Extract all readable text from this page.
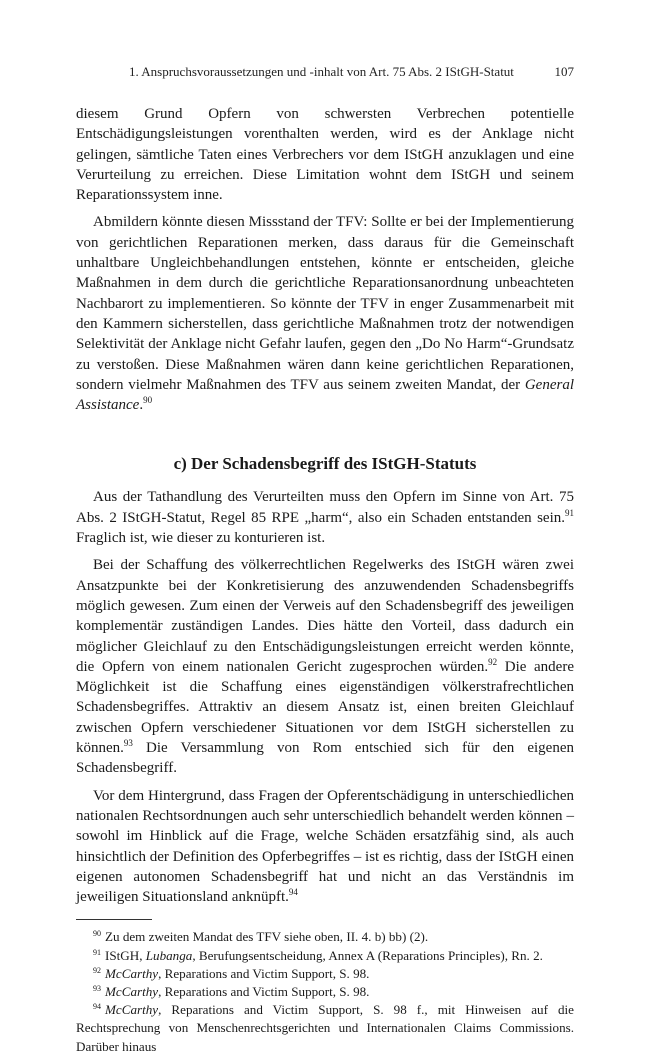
1. Anspruchsvoraussetzungen und -inhalt von Art. 75 Abs. 2 IStGH-Statut	107

diesem Grund Opfern von schwersten Verbrechen potentielle Entschädigungsleistungen vorenthalten werden, wird es der Anklage nicht gelingen, sämtliche Taten eines Verbrechers vor dem IStGH anzuklagen und eine Verurteilung zu erreichen. Diese Limitation wohnt dem IStGH und seinem Reparationssystem inne.

Abmildern könnte diesen Missstand der TFV: Sollte er bei der Implementierung von gerichtlichen Reparationen merken, dass daraus für die Gemeinschaft unhaltbare Ungleichbehandlungen entstehen, könnte er entscheiden, gleiche Maßnahmen in dem durch die gerichtliche Reparationsanordnung unbeachteten Nachbarort zu implementieren. So könnte der TFV in enger Zusammenarbeit mit den Kammern sicherstellen, dass gerichtliche Maßnahmen trotz der notwendigen Selektivität der Anklage nicht Gefahr laufen, gegen den „Do No Harm“-Grundsatz zu verstoßen. Diese Maßnahmen wären dann keine gerichtlichen Reparationen, sondern vielmehr Maßnahmen des TFV aus seinem zweiten Mandat, der General Assistance.$^{90}$

c) Der Schadensbegriff des IStGH-Statuts

Aus der Tathandlung des Verurteilten muss den Opfern im Sinne von Art. 75 Abs. 2 IStGH-Statut, Regel 85 RPE „harm“, also ein Schaden entstanden sein.$^{91}$ Fraglich ist, wie dieser zu konturieren ist.

Bei der Schaffung des völkerrechtlichen Regelwerks des IStGH wären zwei Ansatzpunkte bei der Konkretisierung des anzuwendenden Schadensbegriffs möglich gewesen. Zum einen der Verweis auf den Schadensbegriff des jeweiligen komplementär zuständigen Landes. Dies hätte den Vorteil, dass dadurch ein möglicher Gleichlauf zu den Entschädigungsleistungen erreicht werden könnte, die Opfern von einem nationalen Gericht zugesprochen würden.$^{92}$ Die andere Möglichkeit ist die Schaffung eines eigenständigen völkerstrafrechtlichen Schadensbegriffes. Attraktiv an diesem Ansatz ist, einen breiten Gleichlauf zwischen Opfern verschiedener Situationen vor dem IStGH sicherstellen zu können.$^{93}$ Die Versammlung von Rom entschied sich für den eigenen Schadensbegriff.

Vor dem Hintergrund, dass Fragen der Opferentschädigung in unterschiedlichen nationalen Rechtsordnungen auch sehr unterschiedlich behandelt werden können – sowohl im Hinblick auf die Frage, welche Schäden ersatzfähig sind, als auch hinsichtlich der Definition des Opferbegriffes – ist es richtig, dass der IStGH einen eigenen autonomen Schadensbegriff hat und nicht an das Verständnis im jeweiligen Situationsland anknüpft.$^{94}$

$^{90}$ Zu dem zweiten Mandat des TFV siehe oben, II. 4. b) bb) (2).
$^{91}$ IStGH, Lubanga, Berufungsentscheidung, Annex A (Reparations Principles), Rn. 2.
$^{92}$ McCarthy, Reparations and Victim Support, S. 98.
$^{93}$ McCarthy, Reparations and Victim Support, S. 98.
$^{94}$ McCarthy, Reparations and Victim Support, S. 98 f., mit Hinweisen auf die Rechtsprechung von Menschenrechtsgerichten und Internationalen Claims Commissions. Darüber hinaus
